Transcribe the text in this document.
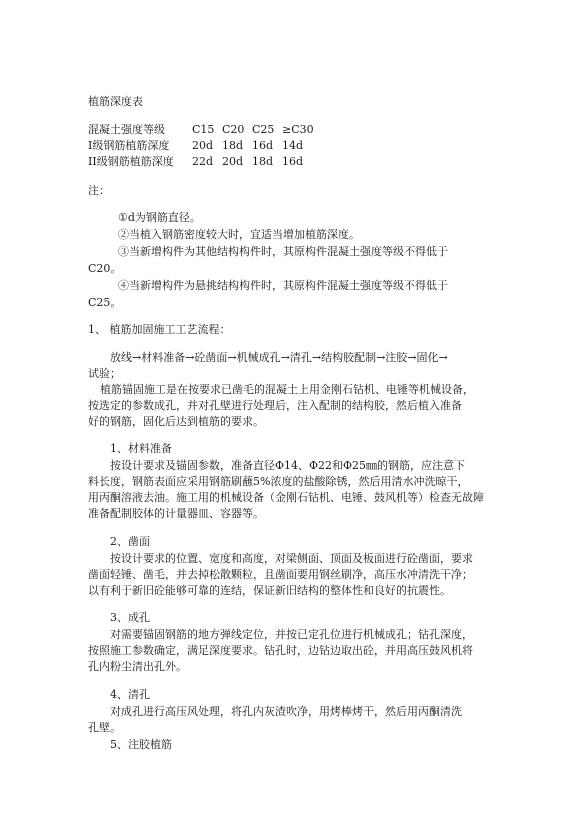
植筋深度表
混凝土强度等级	C15 C20 C25 ≥C30
I级钢筋植筋深度	20d 18d 16d 14d
II级钢筋植筋深度	22d 20d 18d 16d
注：
①d为钢筋直径。
②当植入钢筋密度较大时，宜适当增加植筋深度。
③当新增构件为其他结构构件时，其原构件混凝土强度等级不得低于
C20。
④当新增构件为悬挑结构构件时，其原构件混凝土强度等级不得低于
C25。
1、 植筋加固施工工艺流程：
放线→材料准备→砼凿面→机械成孔→清孔→结构胶配制→注胶→固化→
试验；
植筋锚固施工是在按要求已凿毛的混凝土上用金刚石钻机、电锤等机械设备，
按选定的参数成孔，并对孔壁进行处理后，注入配制的结构胶，然后植入准备
好的钢筋，固化后达到植筋的要求。
1、材料准备
按设计要求及锚固参数，准备直径Φ14、Φ22和Φ25㎜的钢筋，应注意下
料长度，钢筋表面应采用钢筋刷蘸5%浓度的盐酸除锈，然后用清水冲洗晾干，
用丙酮溶液去油。施工用的机械设备（金刚石钻机、电锤、鼓风机等）检查无故障
准备配制胶体的计量器皿、容器等。
2、凿面
按设计要求的位置、宽度和高度，对梁侧面、顶面及板面进行砼凿面，要求
凿面轻锤、凿毛，并去掉松散颗粒，且凿面要用钢丝刷净，高压水冲清洗干净；
以有利于新旧砼能够可靠的连结，保证新旧结构的整体性和良好的抗震性。
3、成孔
对需要锚固钢筋的地方弹线定位，并按已定孔位进行机械成孔；钻孔深度，
按照施工参数确定，满足深度要求。钻孔时，边钻边取出砼，并用高压鼓风机将
孔内粉尘清出孔外。
4、清孔
对成孔进行高压风处理，将孔内灰渣吹净，用烤棒烤干，然后用丙酮清洗
孔壁。
5、注胶植筋
